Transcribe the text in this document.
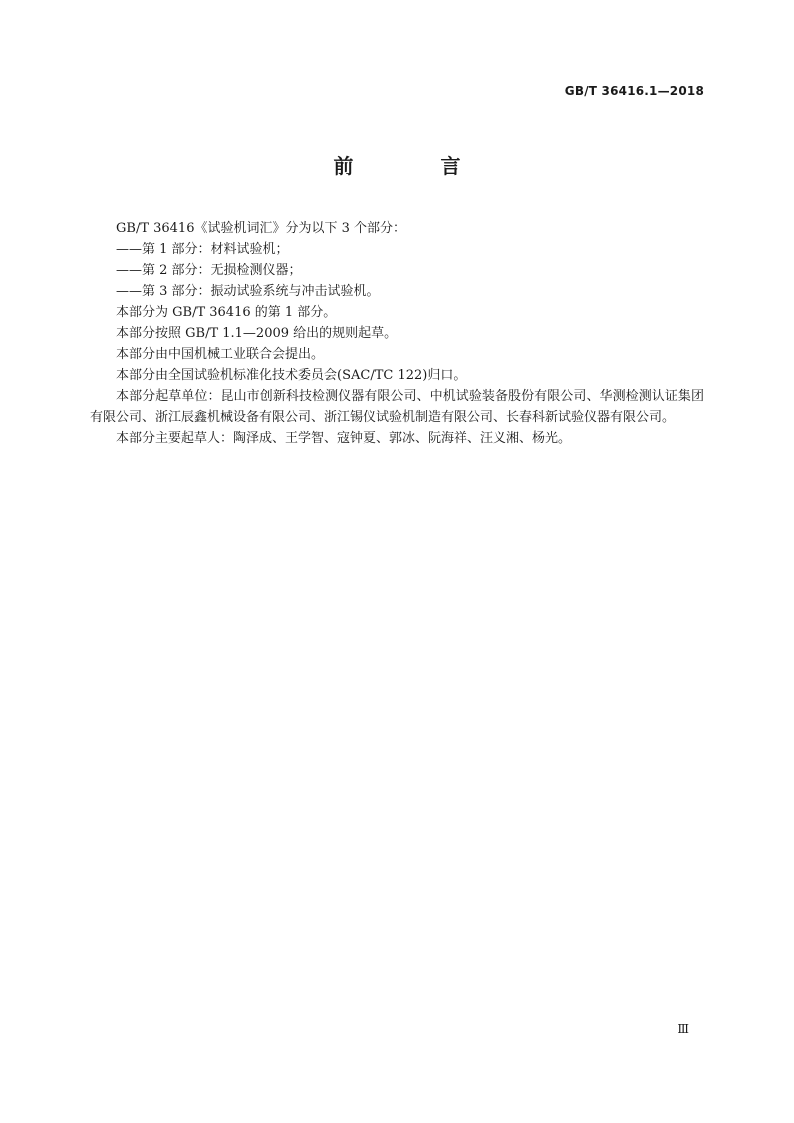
GB/T 36416.1—2018
前 言

GB/T 36416《试验机词汇》分为以下 3 个部分：

——第 1 部分：材料试验机；

——第 2 部分：无损检测仪器；

——第 3 部分：振动试验系统与冲击试验机。

本部分为 GB/T 36416 的第 1 部分。

本部分按照 GB/T 1.1—2009 给出的规则起草。

本部分由中国机械工业联合会提出。

本部分由全国试验机标准化技术委员会(SAC/TC 122)归口。

本部分起草单位：昆山市创新科技检测仪器有限公司、中机试验装备股份有限公司、华测检测认证集团有限公司、浙江辰鑫机械设备有限公司、浙江锡仪试验机制造有限公司、长春科新试验仪器有限公司。

本部分主要起草人：陶泽成、王学智、寇钟夏、郭冰、阮海祥、汪义湘、杨光。

Ⅲ
